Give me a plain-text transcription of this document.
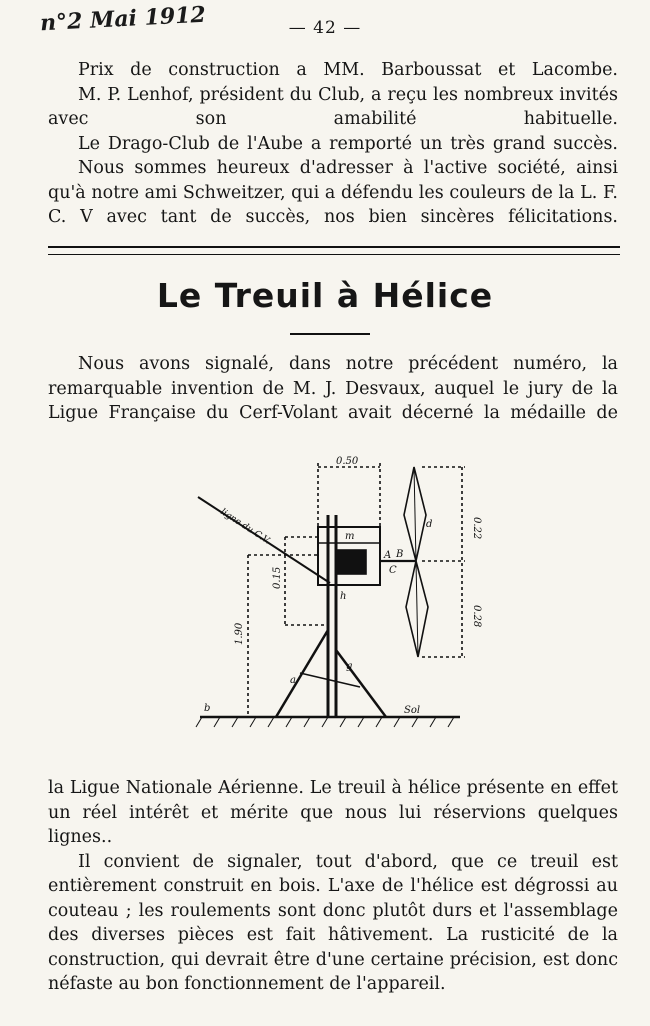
n°2 Mai 1912	— 42 —

Prix de construction a MM. Barboussat et Lacombe.

M. P. Lenhof, président du Club, a reçu les nombreux invités avec son amabilité habituelle.

Le Drago-Club de l'Aube a remporté un très grand succès.

Nous sommes heureux d'adresser à l'active société, ainsi qu'à notre ami Schweitzer, qui a défendu les couleurs de la L. F. C. V avec tant de succès, nos bien sincères félicitations.

Le Treuil à Hélice

Nous avons signalé, dans notre précédent numéro, la remarquable invention de M. J. Desvaux, auquel le jury de la Ligue Française du Cerf-Volant avait décerné la médaille de

0.50
0.22
0.28
0.15
1.90
m
A
C
B
d
h
g
a
b
ligne du C.V.
Sol

la Ligue Nationale Aérienne. Le treuil à hélice présente en effet un réel intérêt et mérite que nous lui réservions quelques lignes..

Il convient de signaler, tout d'abord, que ce treuil est entièrement construit en bois. L'axe de l'hélice est dégrossi au couteau ; les roulements sont donc plutôt durs et l'assemblage des diverses pièces est fait hâtivement. La rusticité de la construction, qui devrait être d'une certaine précision, est donc néfaste au bon fonctionnement de l'appareil.
